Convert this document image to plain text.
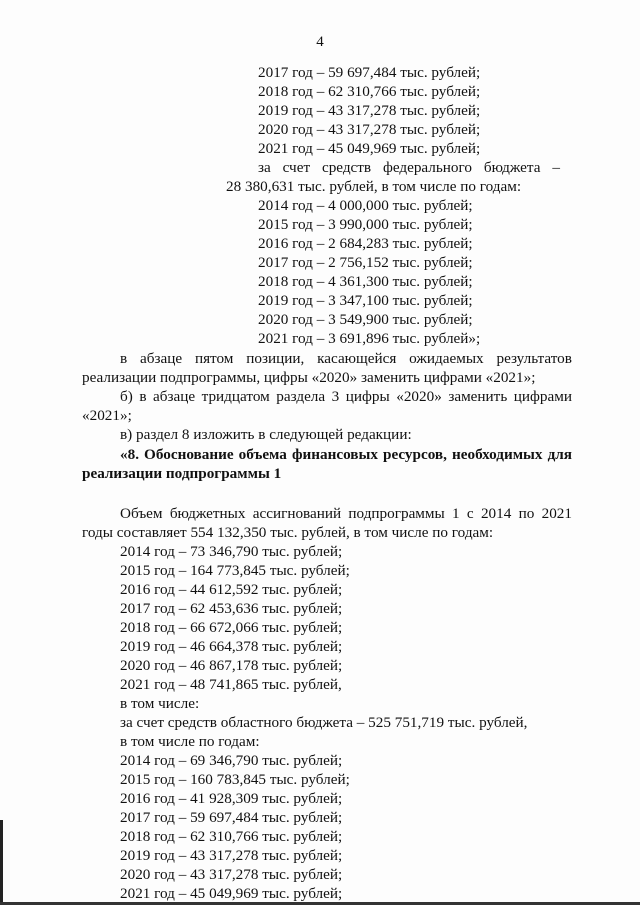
4
2017 год – 59 697,484 тыс. рублей;
2018 год – 62 310,766 тыс. рублей;
2019 год – 43 317,278 тыс. рублей;
2020 год – 43 317,278 тыс. рублей;
2021 год – 45 049,969 тыс. рублей;
за счет средств федерального бюджета –
28 380,631 тыс. рублей, в том числе по годам:
2014 год – 4 000,000 тыс. рублей;
2015 год – 3 990,000 тыс. рублей;
2016 год – 2 684,283 тыс. рублей;
2017 год – 2 756,152 тыс. рублей;
2018 год – 4 361,300 тыс. рублей;
2019 год – 3 347,100 тыс. рублей;
2020 год – 3 549,900 тыс. рублей;
2021 год – 3 691,896 тыс. рублей»;
в абзаце пятом позиции, касающейся ожидаемых результатов
реализации подпрограммы, цифры «2020» заменить цифрами «2021»;
б) в абзаце тридцатом раздела 3 цифры «2020» заменить цифрами
«2021»;
в) раздел 8 изложить в следующей редакции:
«8. Обоснование объема финансовых ресурсов, необходимых для
реализации подпрограммы 1
Объем бюджетных ассигнований подпрограммы 1 с 2014 по 2021
годы составляет 554 132,350 тыс. рублей, в том числе по годам:
2014 год – 73 346,790 тыс. рублей;
2015 год – 164 773,845 тыс. рублей;
2016 год – 44 612,592 тыс. рублей;
2017 год – 62 453,636 тыс. рублей;
2018 год – 66 672,066 тыс. рублей;
2019 год – 46 664,378 тыс. рублей;
2020 год – 46 867,178 тыс. рублей;
2021 год – 48 741,865 тыс. рублей,
в том числе:
за счет средств областного бюджета – 525 751,719 тыс. рублей,
в том числе по годам:
2014 год – 69 346,790 тыс. рублей;
2015 год – 160 783,845 тыс. рублей;
2016 год – 41 928,309 тыс. рублей;
2017 год – 59 697,484 тыс. рублей;
2018 год – 62 310,766 тыс. рублей;
2019 год – 43 317,278 тыс. рублей;
2020 год – 43 317,278 тыс. рублей;
2021 год – 45 049,969 тыс. рублей;
